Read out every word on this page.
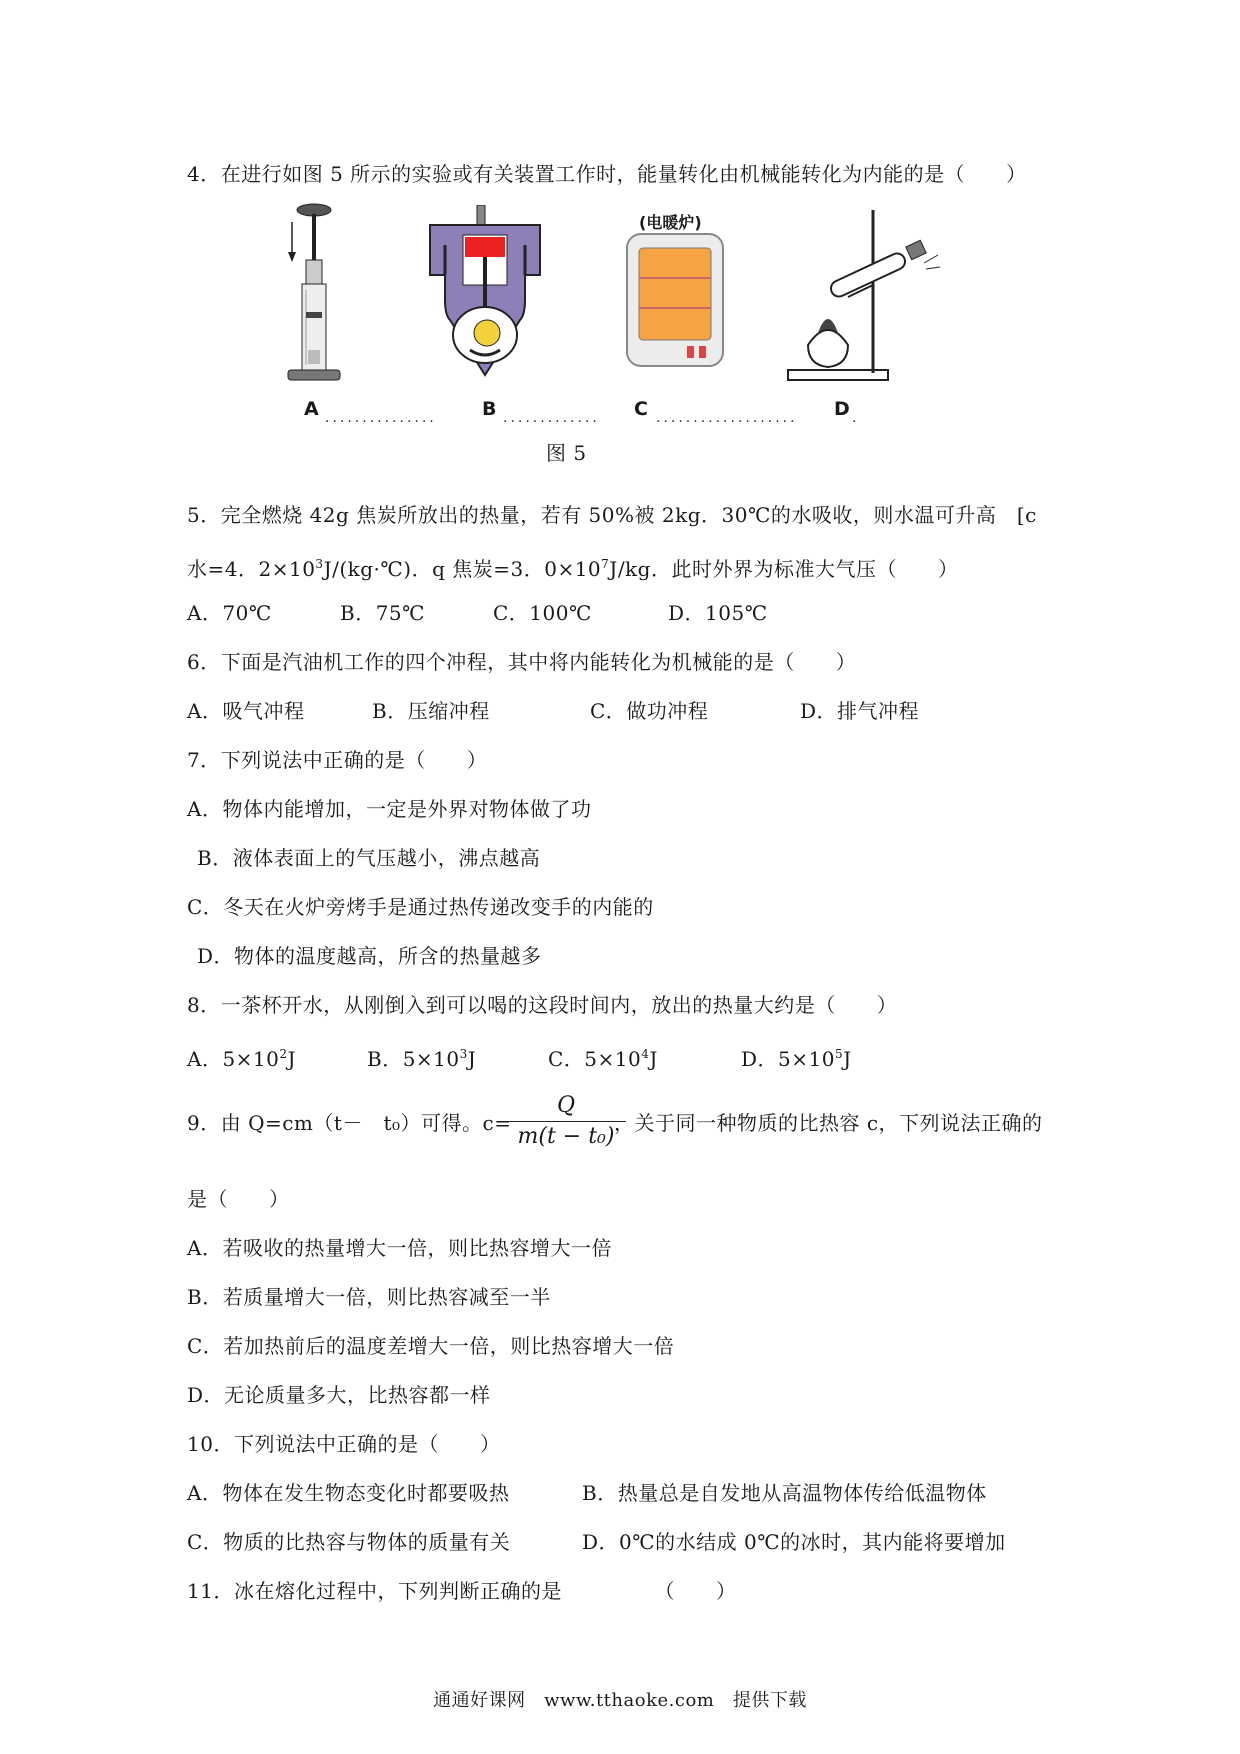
4．在进行如图 5 所示的实验或有关装置工作时，能量转化由机械能转化为内能的是（　　）
(电暖炉)
A ............... B ............. C ................... D .
图 5
5．完全燃烧 42g 焦炭所放出的热量，若有 50%被 2kg．30℃的水吸收，则水温可升高　[c
水=4．$2\times 10^3J/(kg\cdot℃)$．q 焦炭=3．$0\times 10^7J/kg$．此时外界为标准大气压（　　）
A．70℃	B．75℃	C．100℃	D．105℃
6．下面是汽油机工作的四个冲程，其中将内能转化为机械能的是（　　）
A．吸气冲程	B．压缩冲程	C．做功冲程	D．排气冲程
7．下列说法中正确的是（　　）
A．物体内能增加，一定是外界对物体做了功
B．液体表面上的气压越小，沸点越高
C．冬天在火炉旁烤手是通过热传递改变手的内能的
D．物体的温度越高，所含的热量越多
8．一茶杯开水，从刚倒入到可以喝的这段时间内，放出的热量大约是（　　）
A．$5\times 10^2J$	B．$5\times 10^3J$	C．$5\times 10^4J$	D．$5\times 10^5J$
9．由 Q=cm（t－　t₀）可得。c=
Q
m(t − t₀)
，关于同一种物质的比热容 c，下列说法正确的
是（　　）
A．若吸收的热量增大一倍，则比热容增大一倍
B．若质量增大一倍，则比热容减至一半
C．若加热前后的温度差增大一倍，则比热容增大一倍
D．无论质量多大，比热容都一样
10．下列说法中正确的是（　　）
A．物体在发生物态变化时都要吸热	B．热量总是自发地从高温物体传给低温物体
C．物质的比热容与物体的质量有关	D．0℃的水结成 0℃的冰时，其内能将要增加
11．冰在熔化过程中，下列判断正确的是　　　　　（　　）
通通好课网　www.tthaoke.com　提供下载
